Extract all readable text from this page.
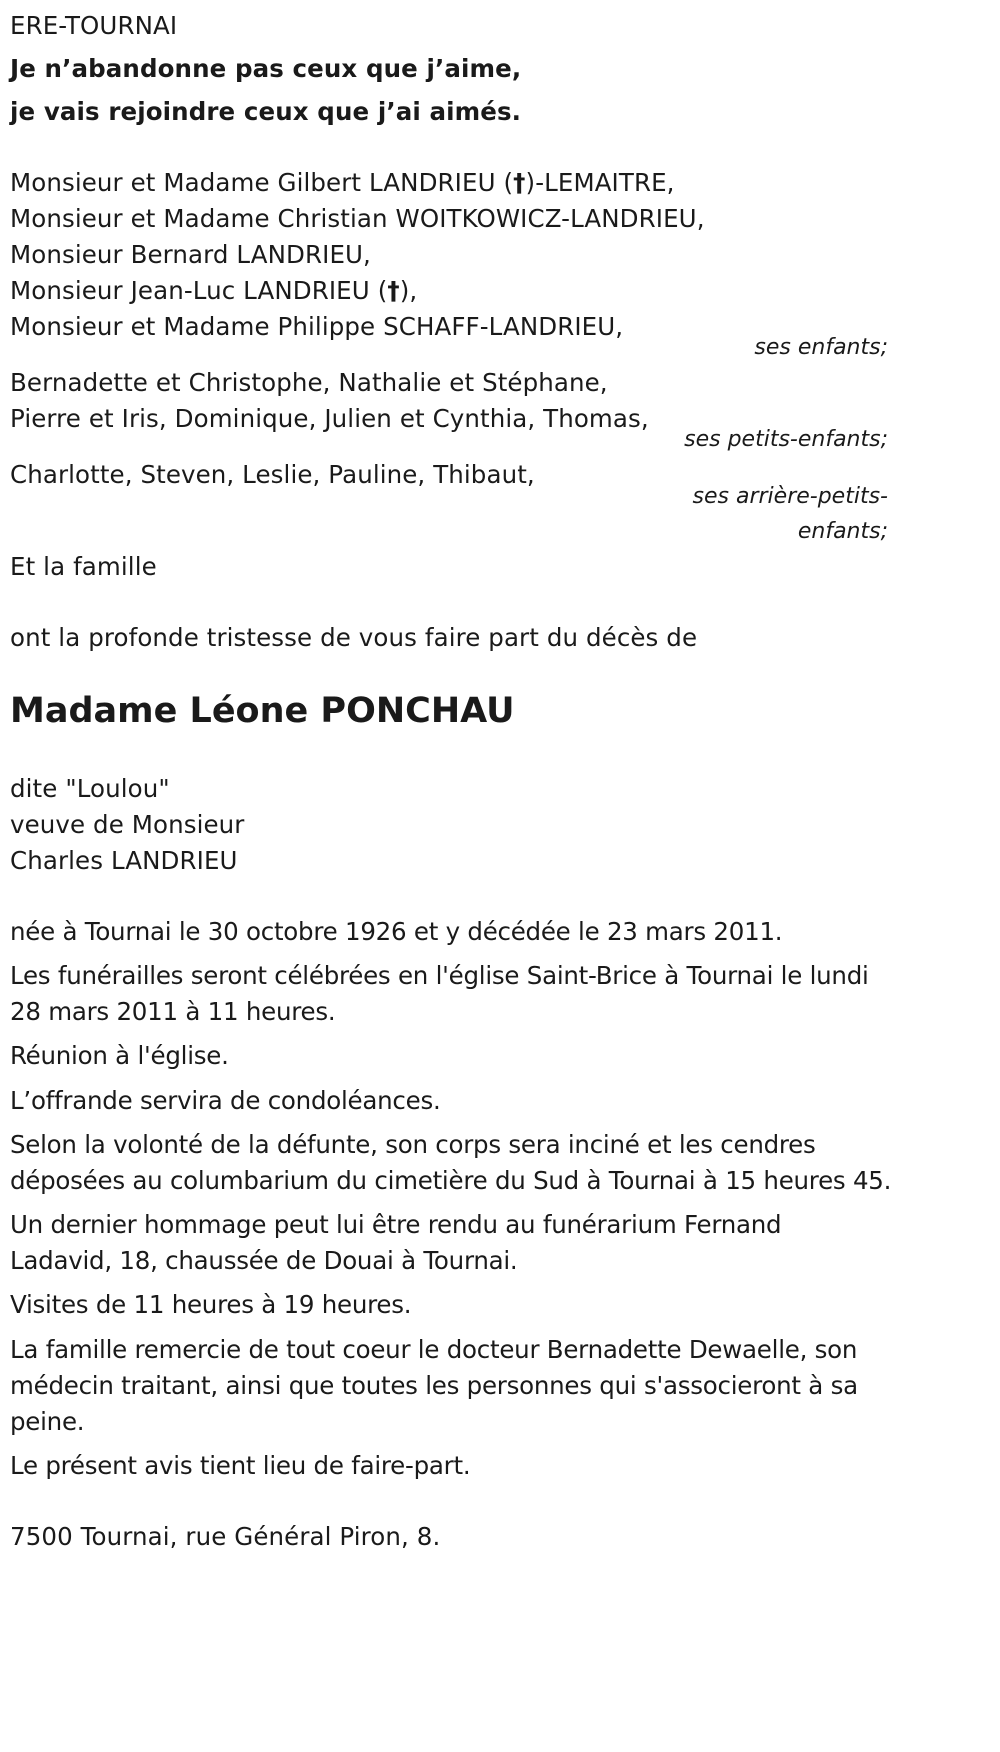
ERE-TOURNAI
Je n’abandonne pas ceux que j’aime,
je vais rejoindre ceux que j’ai aimés.
Monsieur et Madame Gilbert LANDRIEU (†)-LEMAITRE,
Monsieur et Madame Christian WOITKOWICZ-LANDRIEU,
Monsieur Bernard LANDRIEU,
Monsieur Jean-Luc LANDRIEU (†),
Monsieur et Madame Philippe SCHAFF-LANDRIEU,
ses enfants;
Bernadette et Christophe, Nathalie et Stéphane,
Pierre et Iris, Dominique, Julien et Cynthia, Thomas,
ses petits-enfants;
Charlotte, Steven, Leslie, Pauline, Thibaut,
ses arrière-petits-
enfants;
Et la famille
ont la profonde tristesse de vous faire part du décès de
Madame Léone PONCHAU
dite "Loulou"
veuve de Monsieur
Charles LANDRIEU
née à Tournai le 30 octobre 1926 et y décédée le 23 mars 2011.
Les funérailles seront célébrées en l'église Saint-Brice à Tournai le lundi
28 mars 2011 à 11 heures.
Réunion à l'église.
L’offrande servira de condoléances.
Selon la volonté de la défunte, son corps sera inciné et les cendres
déposées au columbarium du cimetière du Sud à Tournai à 15 heures 45.
Un dernier hommage peut lui être rendu au funérarium Fernand
Ladavid, 18, chaussée de Douai à Tournai.
Visites de 11 heures à 19 heures.
La famille remercie de tout coeur le docteur Bernadette Dewaelle, son
médecin traitant, ainsi que toutes les personnes qui s'associeront à sa
peine.
Le présent avis tient lieu de faire-part.
7500 Tournai, rue Général Piron, 8.
